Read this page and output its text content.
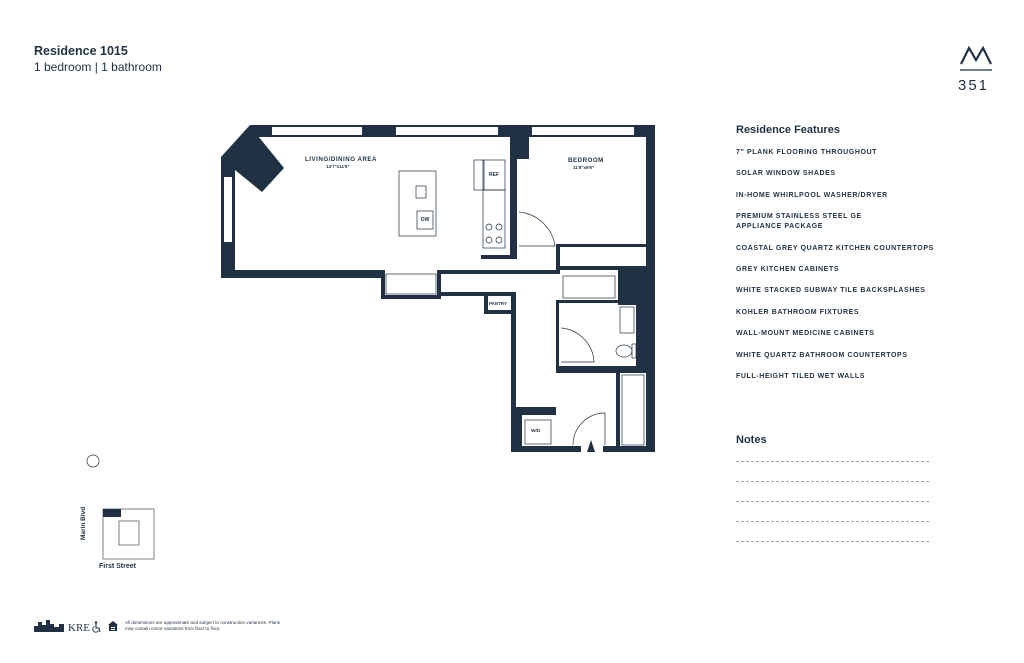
Residence 1015
1 bedroom | 1 bathroom
351
LIVING/DINING AREA
14'7"x11'9"
BEDROOM
11'8"x9'5"
REF
DW
PANTRY
W/D
Residence Features
7" PLANK FLOORING THROUGHOUT
SOLAR WINDOW SHADES
IN-HOME WHIRLPOOL WASHER/DRYER
PREMIUM STAINLESS STEEL GE APPLIANCE PACKAGE
COASTAL GREY QUARTZ KITCHEN COUNTERTOPS
GREY KITCHEN CABINETS
WHITE STACKED SUBWAY TILE BACKSPLASHES
KOHLER BATHROOM FIXTURES
WALL-MOUNT MEDICINE CABINETS
WHITE QUARTZ BATHROOM COUNTERTOPS
FULL-HEIGHT TILED WET WALLS
Notes
Marin Blvd
First Street
KRE	All dimensions are approximate and subject to construction variances. Plans may contain minor variations from floor to floor.
